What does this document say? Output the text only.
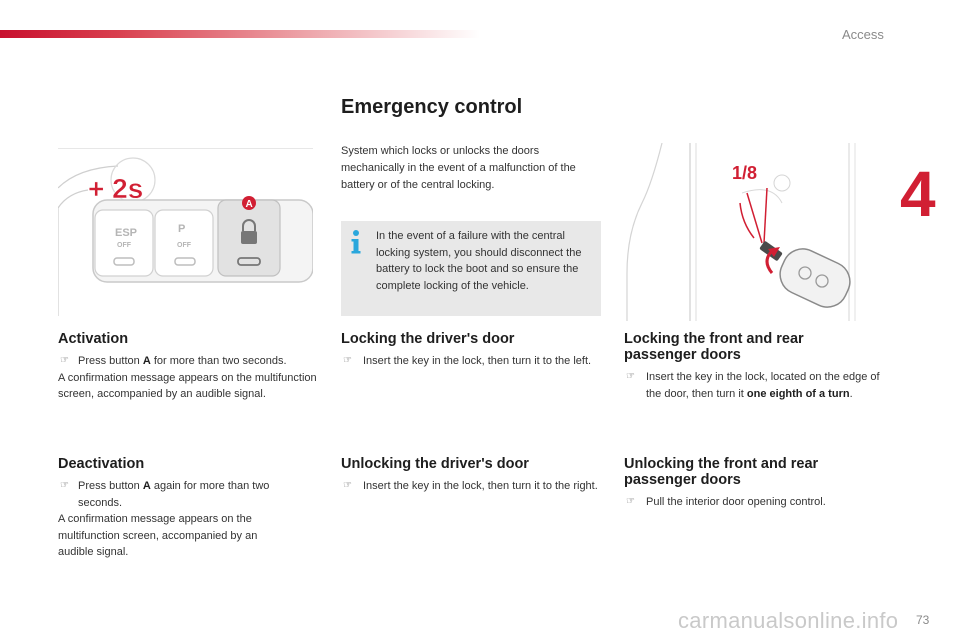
Access
4
Emergency control
System which locks or unlocks the doors mechanically in the event of a malfunction of the battery or of the central locking.
In the event of a failure with the central locking system, you should disconnect the battery to lock the boot and so ensure the complete locking of the vehicle.
ESP
OFF
P
OFF
A
+ 2s	1/8
Activation
☞ Press button A for more than two seconds.
A confirmation message appears on the multifunction screen, accompanied by an audible signal.
Deactivation
☞ Press button A again for more than two seconds.
A confirmation message appears on the multifunction screen, accompanied by an audible signal.
Locking the driver's door
☞ Insert the key in the lock, then turn it to the left.
Unlocking the driver's door
☞ Insert the key in the lock, then turn it to the right.
Locking the front and rear passenger doors
☞ Insert the key in the lock, located on the edge of the door, then turn it one eighth of a turn.
Unlocking the front and rear passenger doors
☞ Pull the interior door opening control.
73
carmanualsonline.info
